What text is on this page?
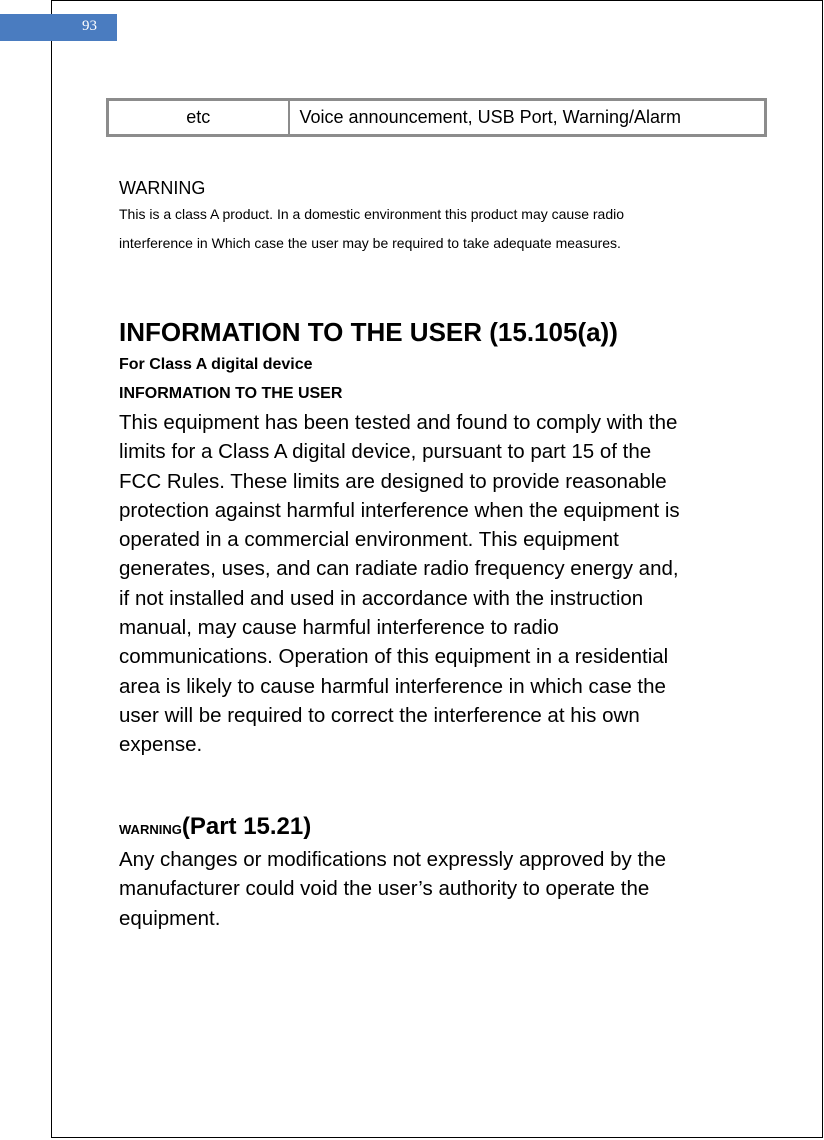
93
etc	Voice announcement, USB Port, Warning/Alarm

WARNING

This is a class A product. In a domestic environment this product may cause radio

interference in Which case the user may be required to take adequate measures.

INFORMATION TO THE USER (15.105(a))

For Class A digital device

INFORMATION TO THE USER

This equipment has been tested and found to comply with the

limits for a Class A digital device, pursuant to part 15 of the

FCC Rules. These limits are designed to provide reasonable

protection against harmful interference when the equipment is

operated in a commercial environment. This equipment

generates, uses, and can radiate radio frequency energy and,

if not installed and used in accordance with the instruction

manual, may cause harmful interference to radio

communications. Operation of this equipment in a residential

area is likely to cause harmful interference in which case the

user will be required to correct the interference at his own

expense.

WARNING(Part 15.21)

Any changes or modifications not expressly approved by the

manufacturer could void the user’s authority to operate the

equipment.
